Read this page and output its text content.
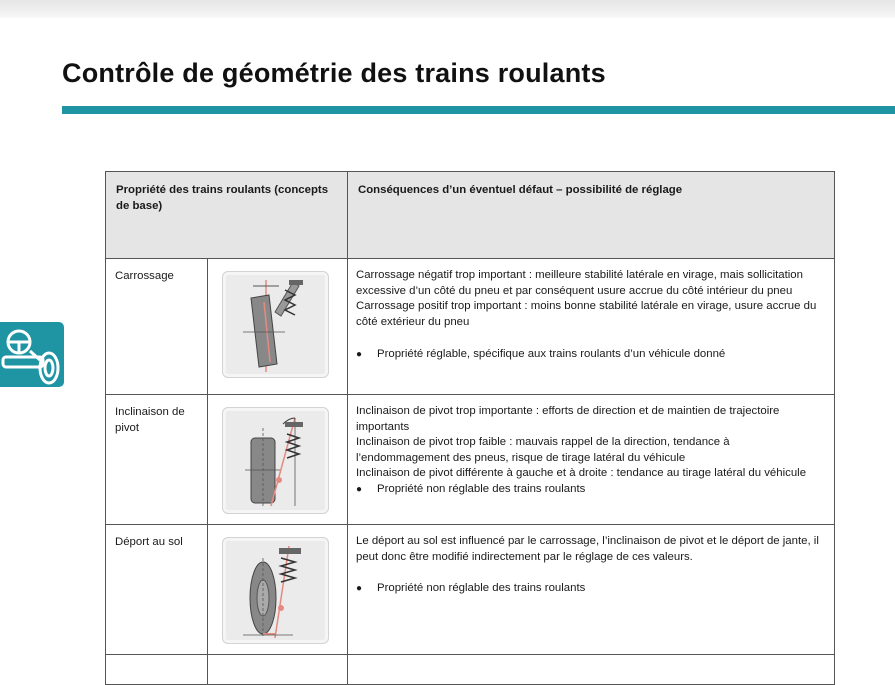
Contrôle de géométrie des trains roulants
Propriété des trains roulants (concepts de base)		Conséquences d’un éventuel défaut – possibilité de réglage
Carrossage		Carrossage négatif trop important : meilleure stabilité latérale en virage, mais sollicitation excessive d’un côté du pneu et par conséquent usure accrue du côté intérieur du pneu

Carrossage positif trop important : moins bonne stabilité latérale en virage, usure accrue du côté extérieur du pneu

● Propriété réglable, spécifique aux trains roulants d’un véhicule donné

Inclinaison de pivot		Inclinaison de pivot trop importante : efforts de direction et de maintien de trajectoire importants

Inclinaison de pivot trop faible : mauvais rappel de la direction, tendance à l’endommagement des pneus, risque de tirage latéral du véhicule

Inclinaison de pivot différente à gauche et à droite : tendance au tirage latéral du véhicule

● Propriété non réglable des trains roulants

Déport au sol		Le déport au sol est influencé par le carrossage, l’inclinaison de pivot et le déport de jante, il peut donc être modifié indirectement par le réglage de ces valeurs.

● Propriété non réglable des trains roulants
